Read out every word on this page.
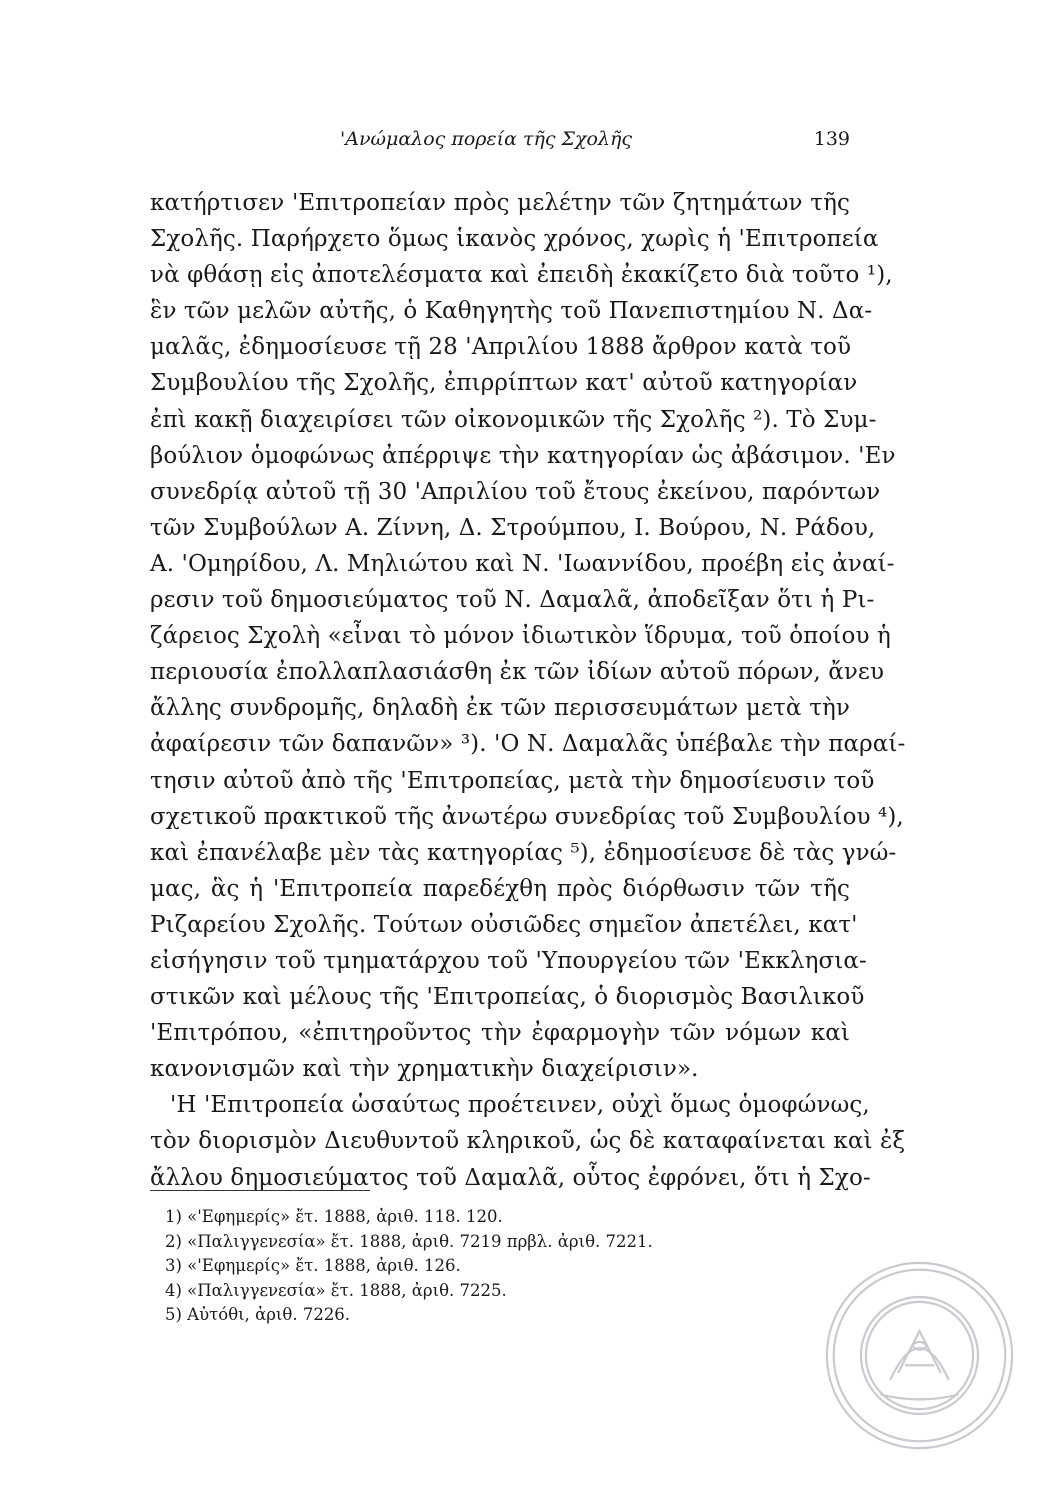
'Ανώμαλος πορεία τῆς Σχολῆς	139
κατήρτισεν 'Επιτροπείαν πρὸς μελέτην τῶν ζητημάτων τῆς
Σχολῆς. Παρήρχετο ὅμως ἱκανὸς χρόνος, χωρὶς ἡ 'Επιτροπεία
νὰ φθάσῃ εἰς ἀποτελέσματα καὶ ἐπειδὴ ἐκακίζετο διὰ τοῦτο ¹),
ἓν τῶν μελῶν αὐτῆς, ὁ Καθηγητὴς τοῦ Πανεπιστημίου Ν. Δα-
μαλᾶς, ἐδημοσίευσε τῇ 28 'Απριλίου 1888 ἄρθρον κατὰ τοῦ
Συμβουλίου τῆς Σχολῆς, ἐπιρρίπτων κατ' αὐτοῦ κατηγορίαν
ἐπὶ κακῇ διαχειρίσει τῶν οἰκονομικῶν τῆς Σχολῆς ²). Τὸ Συμ-
βούλιον ὁμοφώνως ἀπέρριψε τὴν κατηγορίαν ὡς ἀβάσιμον. 'Εν
συνεδρίᾳ αὐτοῦ τῇ 30 'Απριλίου τοῦ ἔτους ἐκείνου, παρόντων
τῶν Συμβούλων Α. Ζίννη, Δ. Στρούμπου, Ι. Βούρου, Ν. Ράδου,
Α. 'Ομηρίδου, Λ. Μηλιώτου καὶ Ν. 'Ιωαννίδου, προέβη εἰς ἀναί-
ρεσιν τοῦ δημοσιεύματος τοῦ Ν. Δαμαλᾶ, ἀποδεῖξαν ὅτι ἡ Ρι-
ζάρειος Σχολὴ «εἶναι τὸ μόνον ἰδιωτικὸν ἵδρυμα, τοῦ ὁποίου ἡ
περιουσία ἐπολλαπλασιάσθη ἐκ τῶν ἰδίων αὐτοῦ πόρων, ἄνευ
ἄλλης συνδρομῆς, δηλαδὴ ἐκ τῶν περισσευμάτων μετὰ τὴν
ἀφαίρεσιν τῶν δαπανῶν» ³). 'Ο Ν. Δαμαλᾶς ὑπέβαλε τὴν παραί-
τησιν αὐτοῦ ἀπὸ τῆς 'Επιτροπείας, μετὰ τὴν δημοσίευσιν τοῦ
σχετικοῦ πρακτικοῦ τῆς ἀνωτέρω συνεδρίας τοῦ Συμβουλίου ⁴),
καὶ ἐπανέλαβε μὲν τὰς κατηγορίας ⁵), ἐδημοσίευσε δὲ τὰς γνώ-
μας, ἃς ἡ 'Επιτροπεία παρεδέχθη πρὸς διόρθωσιν τῶν τῆς
Ριζαρείου Σχολῆς. Τούτων οὐσιῶδες σημεῖον ἀπετέλει, κατ'
εἰσήγησιν τοῦ τμηματάρχου τοῦ 'Υπουργείου τῶν 'Εκκλησια-
στικῶν καὶ μέλους τῆς 'Επιτροπείας, ὁ διορισμὸς Βασιλικοῦ
'Επιτρόπου, «ἐπιτηροῦντος τὴν ἐφαρμογὴν τῶν νόμων καὶ
κανονισμῶν καὶ τὴν χρηματικὴν διαχείρισιν».
'Η 'Επιτροπεία ὡσαύτως προέτεινεν, οὐχὶ ὅμως ὁμοφώνως,
τὸν διορισμὸν Διευθυντοῦ κληρικοῦ, ὡς δὲ καταφαίνεται καὶ ἐξ
ἄλλου δημοσιεύματος τοῦ Δαμαλᾶ, οὗτος ἐφρόνει, ὅτι ἡ Σχο-
1) «'Εφημερίς» ἔτ. 1888, ἀριθ. 118. 120.
2) «Παλιγγενεσία» ἔτ. 1888, ἀριθ. 7219 πρβλ. ἀριθ. 7221.
3) «'Εφημερίς» ἔτ. 1888, ἀριθ. 126.
4) «Παλιγγενεσία» ἔτ. 1888, ἀριθ. 7225.
5) Αὐτόθι, ἀριθ. 7226.
